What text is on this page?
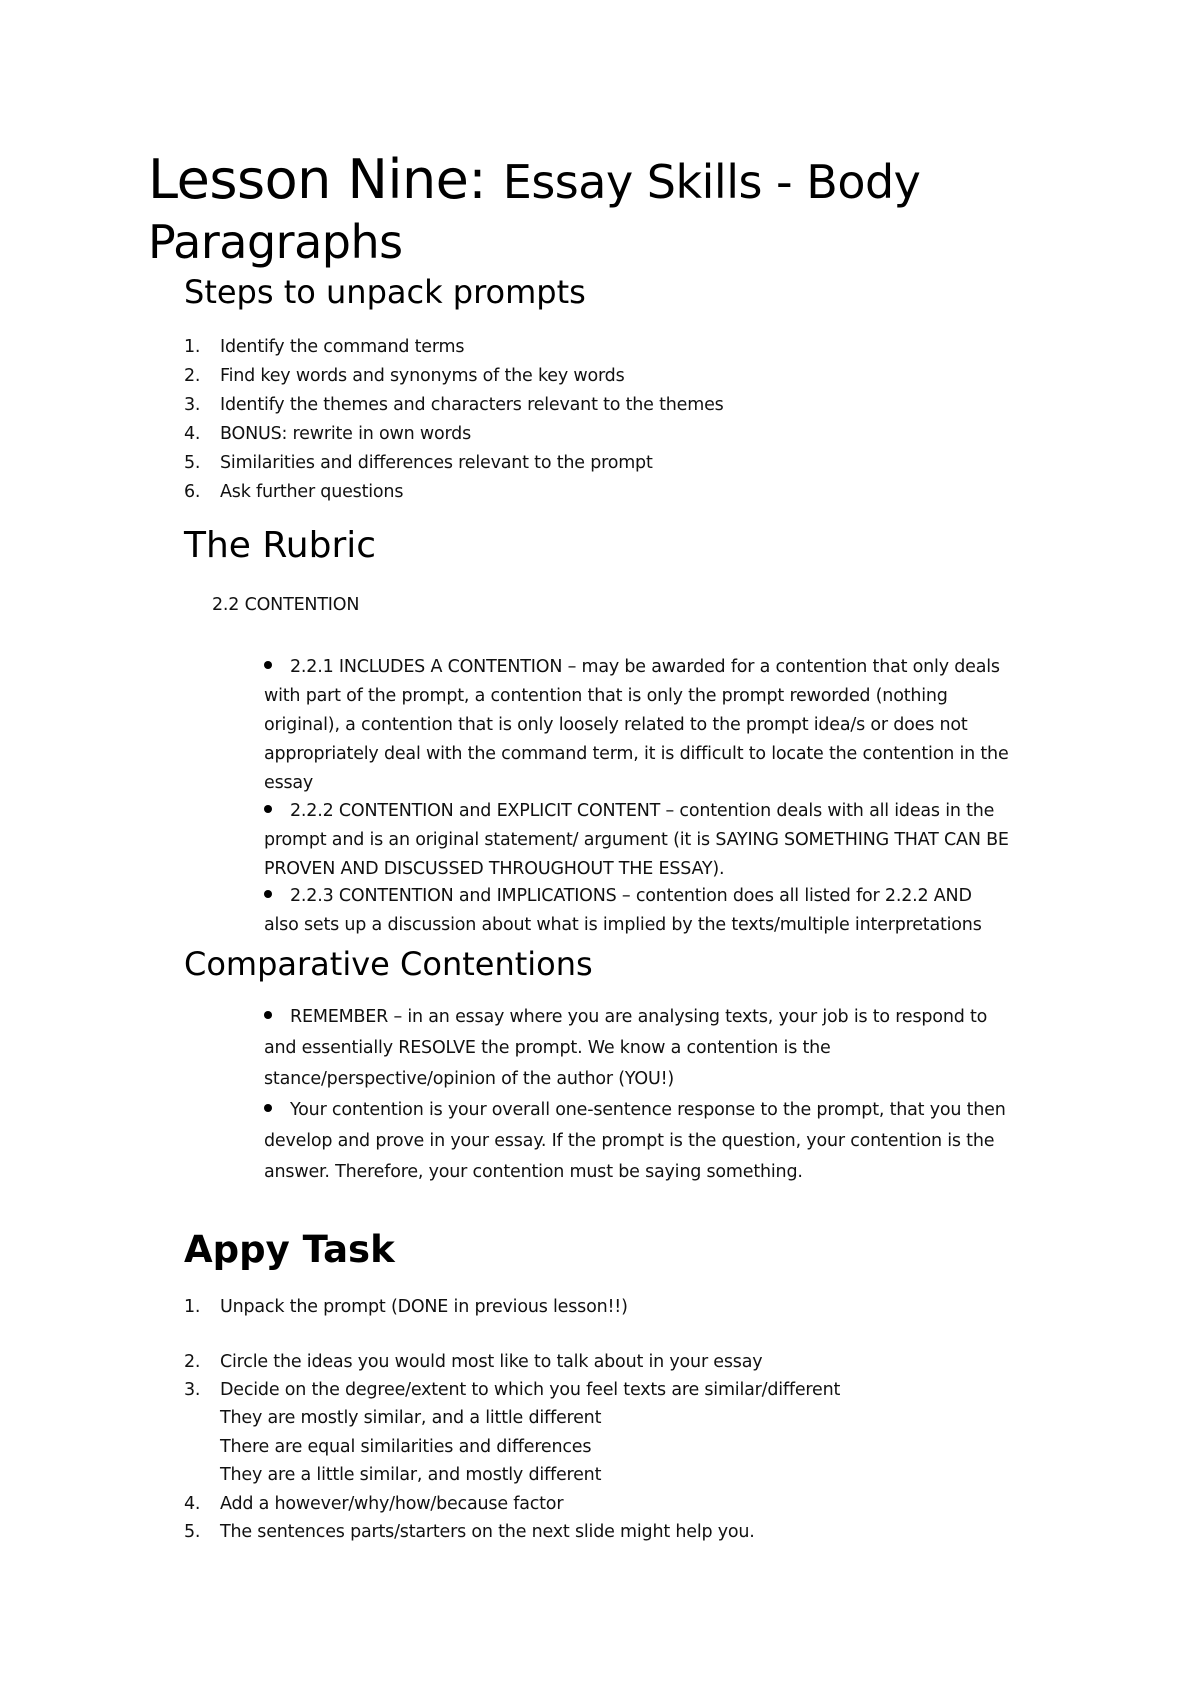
Lesson Nine: Essay Skills - Body
Paragraphs
Steps to unpack prompts
1.	Identify the command terms
2.	Find key words and synonyms of the key words
3.	Identify the themes and characters relevant to the themes
4.	BONUS: rewrite in own words
5.	Similarities and differences relevant to the prompt
6.	Ask further questions
The Rubric
2.2 CONTENTION
2.2.1 INCLUDES A CONTENTION – may be awarded for a contention that only deals
with part of the prompt, a contention that is only the prompt reworded (nothing
original), a contention that is only loosely related to the prompt idea/s or does not
appropriately deal with the command term, it is difficult to locate the contention in the
essay
2.2.2 CONTENTION and EXPLICIT CONTENT – contention deals with all ideas in the
prompt and is an original statement/ argument (it is SAYING SOMETHING THAT CAN BE
PROVEN AND DISCUSSED THROUGHOUT THE ESSAY).
2.2.3 CONTENTION and IMPLICATIONS – contention does all listed for 2.2.2 AND
also sets up a discussion about what is implied by the texts/multiple interpretations
Comparative Contentions
REMEMBER – in an essay where you are analysing texts, your job is to respond to
and essentially RESOLVE the prompt. We know a contention is the
stance/perspective/opinion of the author (YOU!)
Your contention is your overall one-sentence response to the prompt, that you then
develop and prove in your essay. If the prompt is the question, your contention is the
answer. Therefore, your contention must be saying something.
Appy Task
1.	Unpack the prompt (DONE in previous lesson!!)
2.	Circle the ideas you would most like to talk about in your essay
3.	Decide on the degree/extent to which you feel texts are similar/different
They are mostly similar, and a little different
There are equal similarities and differences
They are a little similar, and mostly different
4.	Add a however/why/how/because factor
5.	The sentences parts/starters on the next slide might help you.
